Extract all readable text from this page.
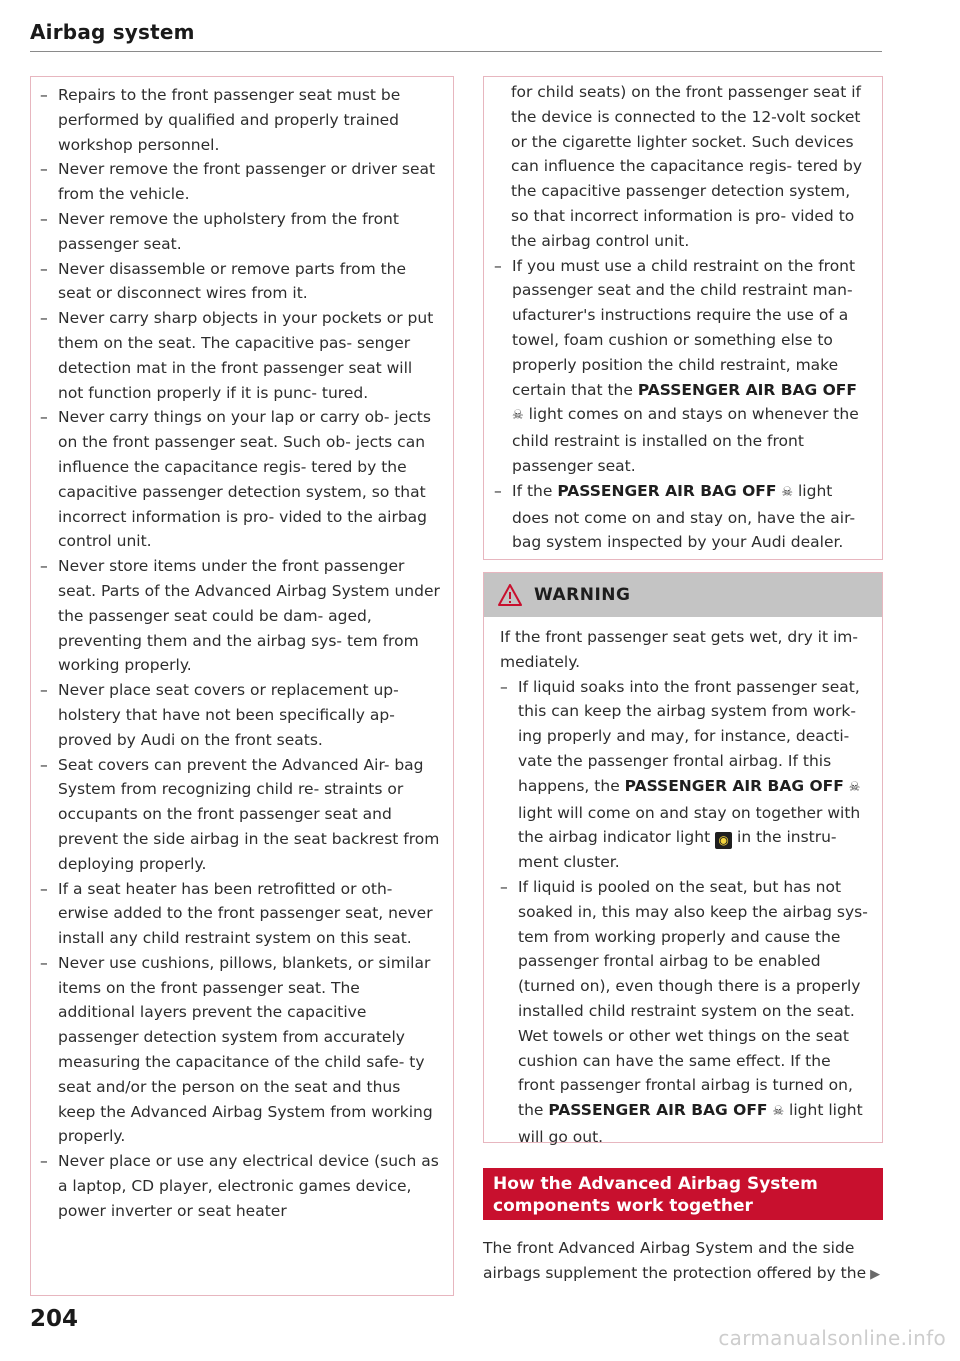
Airbag system
– Repairs to the front passenger seat must be performed by qualified and properly trained workshop personnel.
– Never remove the front passenger or driver seat from the vehicle.
– Never remove the upholstery from the front passenger seat.
– Never disassemble or remove parts from the seat or disconnect wires from it.
– Never carry sharp objects in your pockets or put them on the seat. The capacitive pas- senger detection mat in the front passenger seat will not function properly if it is punc- tured.
– Never carry things on your lap or carry ob- jects on the front passenger seat. Such ob- jects can influence the capacitance regis- tered by the capacitive passenger detection system, so that incorrect information is pro- vided to the airbag control unit.
– Never store items under the front passenger seat. Parts of the Advanced Airbag System under the passenger seat could be dam- aged, preventing them and the airbag sys- tem from working properly.
– Never place seat covers or replacement up- holstery that have not been specifically ap- proved by Audi on the front seats.
– Seat covers can prevent the Advanced Air- bag System from recognizing child re- straints or occupants on the front passenger seat and prevent the side airbag in the seat backrest from deploying properly.
– If a seat heater has been retrofitted or oth- erwise added to the front passenger seat, never install any child restraint system on this seat.
– Never use cushions, pillows, blankets, or similar items on the front passenger seat. The additional layers prevent the capacitive passenger detection system from accurately measuring the capacitance of the child safe- ty seat and/or the person on the seat and thus keep the Advanced Airbag System from working properly.
– Never place or use any electrical device (such as a laptop, CD player, electronic games device, power inverter or seat heater

for child seats) on the front passenger seat if the device is connected to the 12-volt socket or the cigarette lighter socket. Such devices can influence the capacitance regis- tered by the capacitive passenger detection system, so that incorrect information is pro- vided to the airbag control unit.

– If you must use a child restraint on the front passenger seat and the child restraint man- ufacturer's instructions require the use of a towel, foam cushion or something else to properly position the child restraint, make certain that the PASSENGER AIR BAG OFF ☠ light comes on and stays on whenever the child restraint is installed on the front passenger seat.
– If the PASSENGER AIR BAG OFF ☠ light does not come on and stay on, have the air- bag system inspected by your Audi dealer.
WARNING

If the front passenger seat gets wet, dry it im- mediately.

– If liquid soaks into the front passenger seat, this can keep the airbag system from work- ing properly and may, for instance, deacti- vate the passenger frontal airbag. If this happens, the PASSENGER AIR BAG OFF ☠ light will come on and stay on together with the airbag indicator light ◉ in the instru- ment cluster.
– If liquid is pooled on the seat, but has not soaked in, this may also keep the airbag sys- tem from working properly and cause the passenger frontal airbag to be enabled (turned on), even though there is a properly installed child restraint system on the seat. Wet towels or other wet things on the seat cushion can have the same effect. If the front passenger frontal airbag is turned on, the PASSENGER AIR BAG OFF ☠ light light will go out.
How the Advanced Airbag System components work together

The front Advanced Airbag System and the side airbags supplement the protection offered by the ▶

204

carmanualsonline.info
